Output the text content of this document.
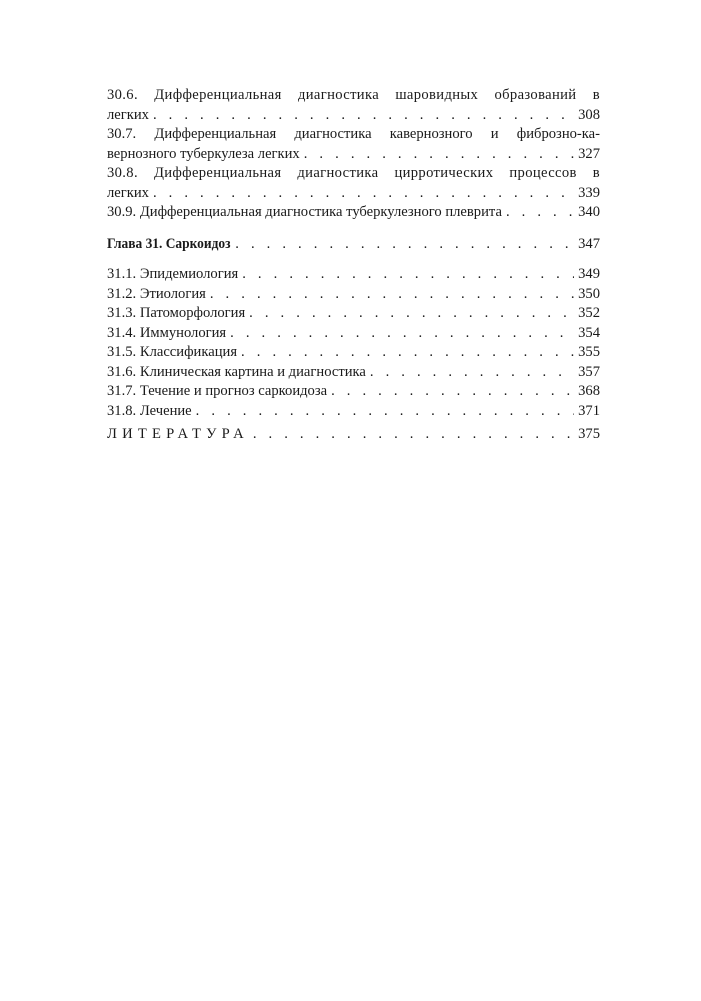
30.6. Дифференциальная диагностика шаровидных образований в
легких . . .	308
30.7. Дифференциальная диагностика кавернозного и фиброзно-ка-
вернозного туберкулеза легких . . .	327
30.8. Дифференциальная диагностика цирротических процессов в
легких . . .	339
30.9. Дифференциальная диагностика туберкулезного плеврита . . .	340
Глава 31. Саркоидоз . . .	347
31.1. Эпидемиология . . .	349
31.2. Этиология . . .	350
31.3. Патоморфология . . .	352
31.4. Иммунология . . .	354
31.5. Классификация . . .	355
31.6. Клиническая картина и диагностика . . .	357
31.7. Течение и прогноз саркоидоза . . .	368
31.8. Лечение . . .	371
ЛИТЕРАТУРА . . .	375
